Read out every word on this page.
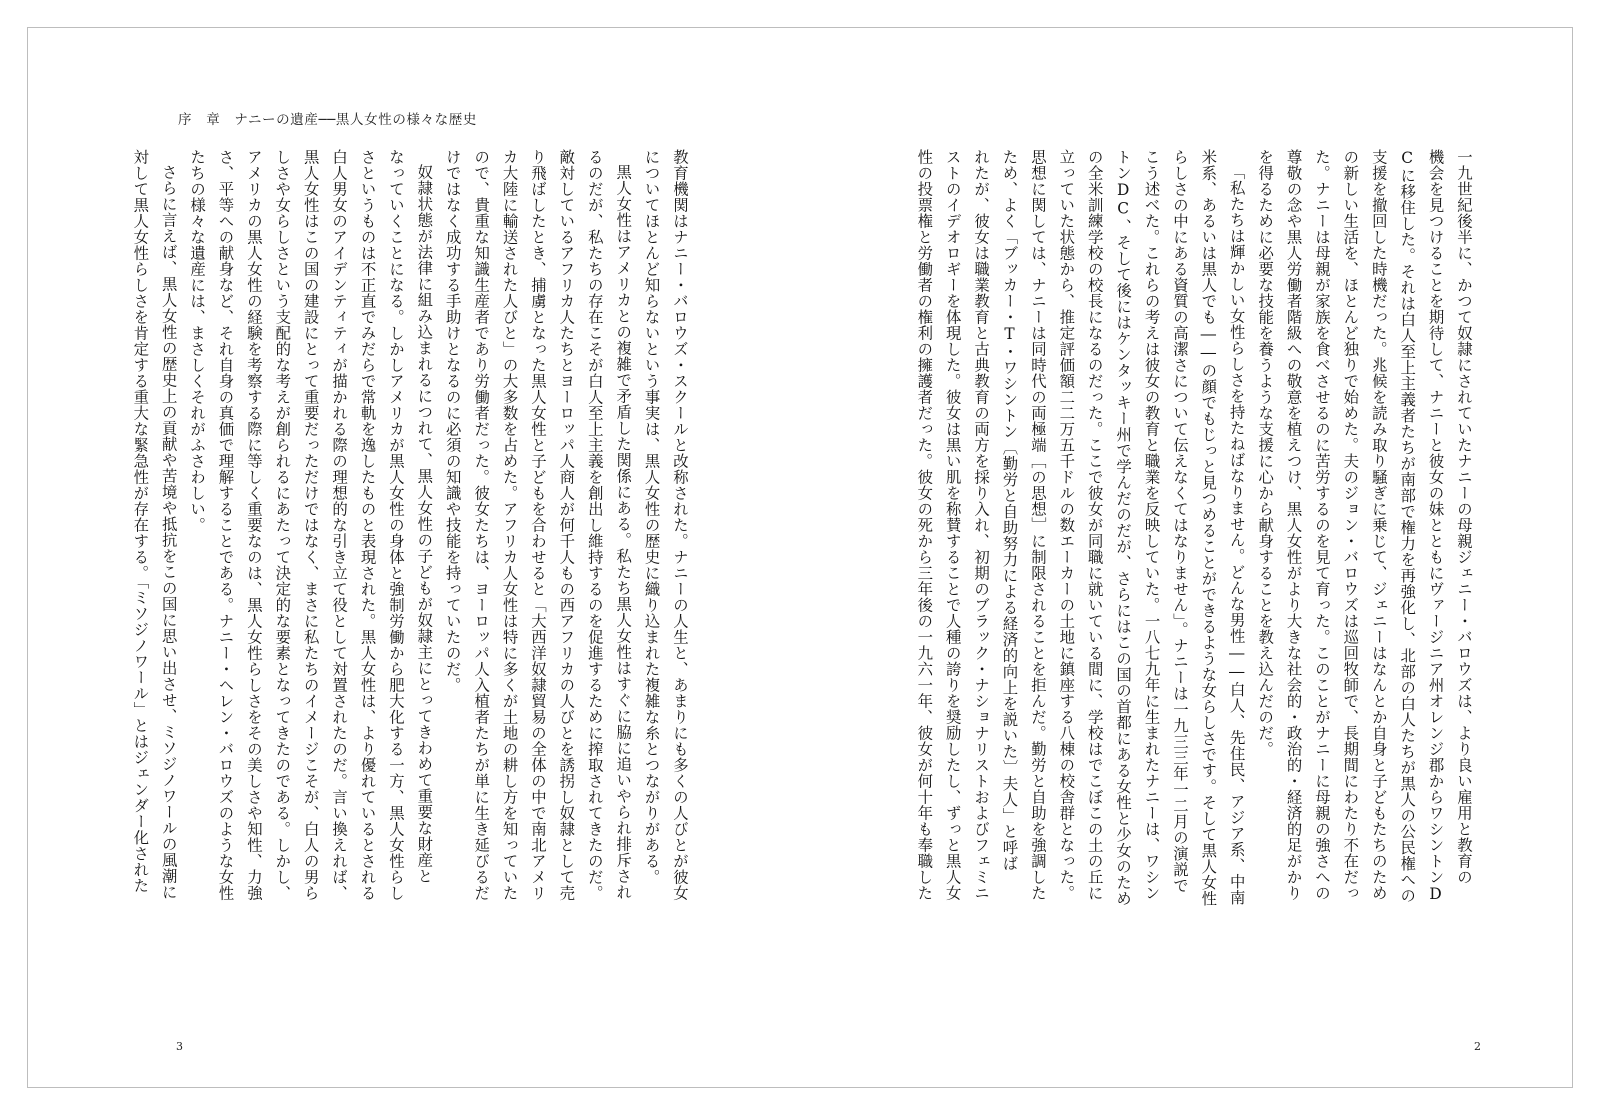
序　章　ナニーの遺産──黒人女性の様々な歴史
教育機関はナニー・バロウズ・スクールと改称された。ナニーの人生と、あまりにも多くの人びとが彼女
についてほとんど知らないという事実は、黒人女性の歴史に織り込まれた複雑な糸とつながりがある。
黒人女性はアメリカとの複雑で矛盾した関係にある。私たち黒人女性はすぐに脇に追いやられ排斥され
るのだが、私たちの存在こそが白人至上主義を創出し維持するのを促進するために搾取されてきたのだ。
敵対しているアフリカ人たちとヨーロッパ人商人が何千人もの西アフリカの人びとを誘拐し奴隷として売
り飛ばしたとき、捕虜となった黒人女性と子どもを合わせると「大西洋奴隷貿易の全体の中で南北アメリ
カ大陸に輸送された人びと」の大多数を占めた。アフリカ人女性は特に多くが土地の耕し方を知っていた
ので、貴重な知識生産者であり労働者だった。彼女たちは、ヨーロッパ人入植者たちが単に生き延びるだ
けではなく成功する手助けとなるのに必須の知識や技能を持っていたのだ。
奴隷状態が法律に組み込まれるにつれて、黒人女性の子どもが奴隷主にとってきわめて重要な財産と
なっていくことになる。しかしアメリカが黒人女性の身体と強制労働から肥大化する一方、黒人女性らし
さというものは不正直でみだらで常軌を逸したものと表現された。黒人女性は、より優れているとされる
白人男女のアイデンティティが描かれる際の理想的な引き立て役として対置されたのだ。言い換えれば、
黒人女性はこの国の建設にとって重要だっただけではなく、まさに私たちのイメージこそが、白人の男ら
しさや女らしさという支配的な考えが創られるにあたって決定的な要素となってきたのである。しかし、
アメリカの黒人女性の経験を考察する際に等しく重要なのは、黒人女性らしさをその美しさや知性、力強
さ、平等への献身など、それ自身の真価で理解することである。ナニー・ヘレン・バロウズのような女性
たちの様々な遺産には、まさしくそれがふさわしい。
さらに言えば、黒人女性の歴史上の貢献や苦境や抵抗をこの国に思い出させ、ミソジノワールの風潮に
対して黒人女性らしさを肯定する重大な緊急性が存在する。「ミソジノワール」とはジェンダー化された	一九世紀後半に、かつて奴隷にされていたナニーの母親ジェニー・バロウズは、より良い雇用と教育の
機会を見つけることを期待して、ナニーと彼女の妹とともにヴァージニア州オレンジ郡からワシントンD
Cに移住した。それは白人至上主義者たちが南部で権力を再強化し、北部の白人たちが黒人の公民権への
支援を撤回した時機だった。兆候を読み取り騒ぎに乗じて、ジェニーはなんとか自身と子どもたちのため
の新しい生活を、ほとんど独りで始めた。夫のジョン・バロウズは巡回牧師で、長期間にわたり不在だっ
た。ナニーは母親が家族を食べさせるのに苦労するのを見て育った。このことがナニーに母親の強さへの
尊敬の念や黒人労働者階級への敬意を植えつけ、黒人女性がより大きな社会的・政治的・経済的足がかり
を得るために必要な技能を養うような支援に心から献身することを教え込んだのだ。
「私たちは輝かしい女性らしさを持たねばなりません。どんな男性――白人、先住民、アジア系、中南
米系、あるいは黒人でも――の顔でもじっと見つめることができるような女らしさです。そして黒人女性
らしさの中にある資質の高潔さについて伝えなくてはなりません」。ナニーは一九三三年一二月の演説で
こう述べた。これらの考えは彼女の教育と職業を反映していた。一八七九年に生まれたナニーは、ワシン
トンDC、そして後にはケンタッキー州で学んだのだが、さらにはこの国の首都にある女性と少女のため
の全米訓練学校の校長になるのだった。ここで彼女が同職に就いている間に、学校はでこぼこの土の丘に
立っていた状態から、推定評価額二二万五千ドルの数エーカーの土地に鎮座する八棟の校舎群となった。
思想に関しては、ナニーは同時代の両極端［の思想］に制限されることを拒んだ。勤労と自助を強調した
ため、よく「ブッカー・T・ワシントン〔勤労と自助努力による経済的向上を説いた〕夫人」と呼ば
れたが、彼女は職業教育と古典教育の両方を採り入れ、初期のブラック・ナショナリストおよびフェミニ
ストのイデオロギーを体現した。彼女は黒い肌を称賛することで人種の誇りを奨励したし、ずっと黒人女
性の投票権と労働者の権利の擁護者だった。彼女の死から三年後の一九六一年、彼女が何十年も奉職した
3	2
